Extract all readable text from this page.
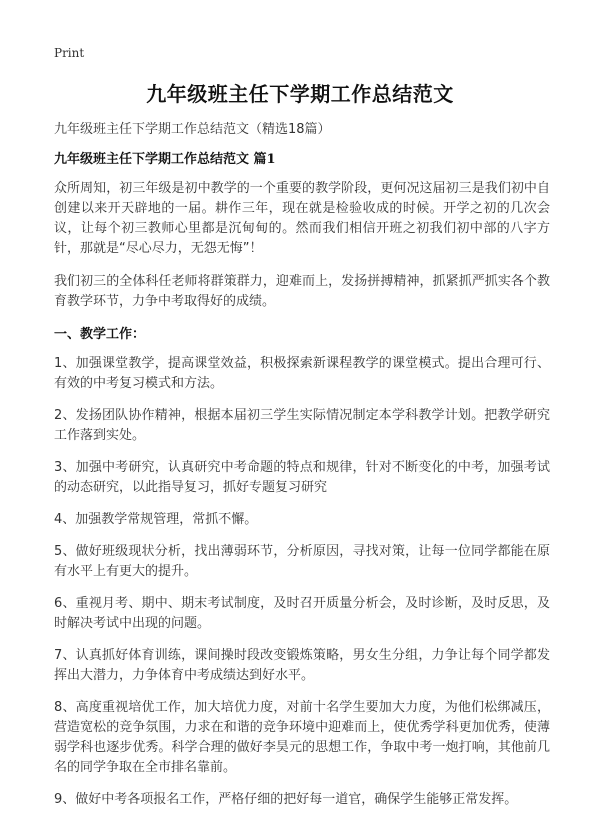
Print
九年级班主任下学期工作总结范文

九年级班主任下学期工作总结范文（精选18篇）

九年级班主任下学期工作总结范文 篇1

众所周知，初三年级是初中教学的一个重要的教学阶段，更何况这届初三是我们初中自创建以来开天辟地的一届。耕作三年，现在就是检验收成的时候。开学之初的几次会议，让每个初三教师心里都是沉甸甸的。然而我们相信开班之初我们初中部的八字方针，那就是“尽心尽力，无怨无悔”！

我们初三的全体科任老师将群策群力，迎难而上，发扬拼搏精神，抓紧抓严抓实各个教育教学环节，力争中考取得好的成绩。

一、教学工作：

1、加强课堂教学，提高课堂效益，积极探索新课程教学的课堂模式。提出合理可行、有效的中考复习模式和方法。

2、发扬团队协作精神，根据本届初三学生实际情况制定本学科教学计划。把教学研究工作落到实处。

3、加强中考研究，认真研究中考命题的特点和规律，针对不断变化的中考，加强考试的动态研究，以此指导复习，抓好专题复习研究

4、加强教学常规管理，常抓不懈。

5、做好班级现状分析，找出薄弱环节，分析原因，寻找对策，让每一位同学都能在原有水平上有更大的提升。

6、重视月考、期中、期末考试制度，及时召开质量分析会，及时诊断，及时反思，及时解决考试中出现的问题。

7、认真抓好体育训练，课间操时段改变锻炼策略，男女生分组，力争让每个同学都发挥出大潜力，力争体育中考成绩达到好水平。

8、高度重视培优工作，加大培优力度，对前十名学生要加大力度，为他们松绑减压，营造宽松的竞争氛围，力求在和谐的竞争环境中迎难而上，使优秀学科更加优秀，使薄弱学科也逐步优秀。科学合理的做好李昊元的思想工作，争取中考一炮打响，其他前几名的同学争取在全市排名靠前。

9、做好中考各项报名工作，严格仔细的把好每一道官，确保学生能够正常发挥。
